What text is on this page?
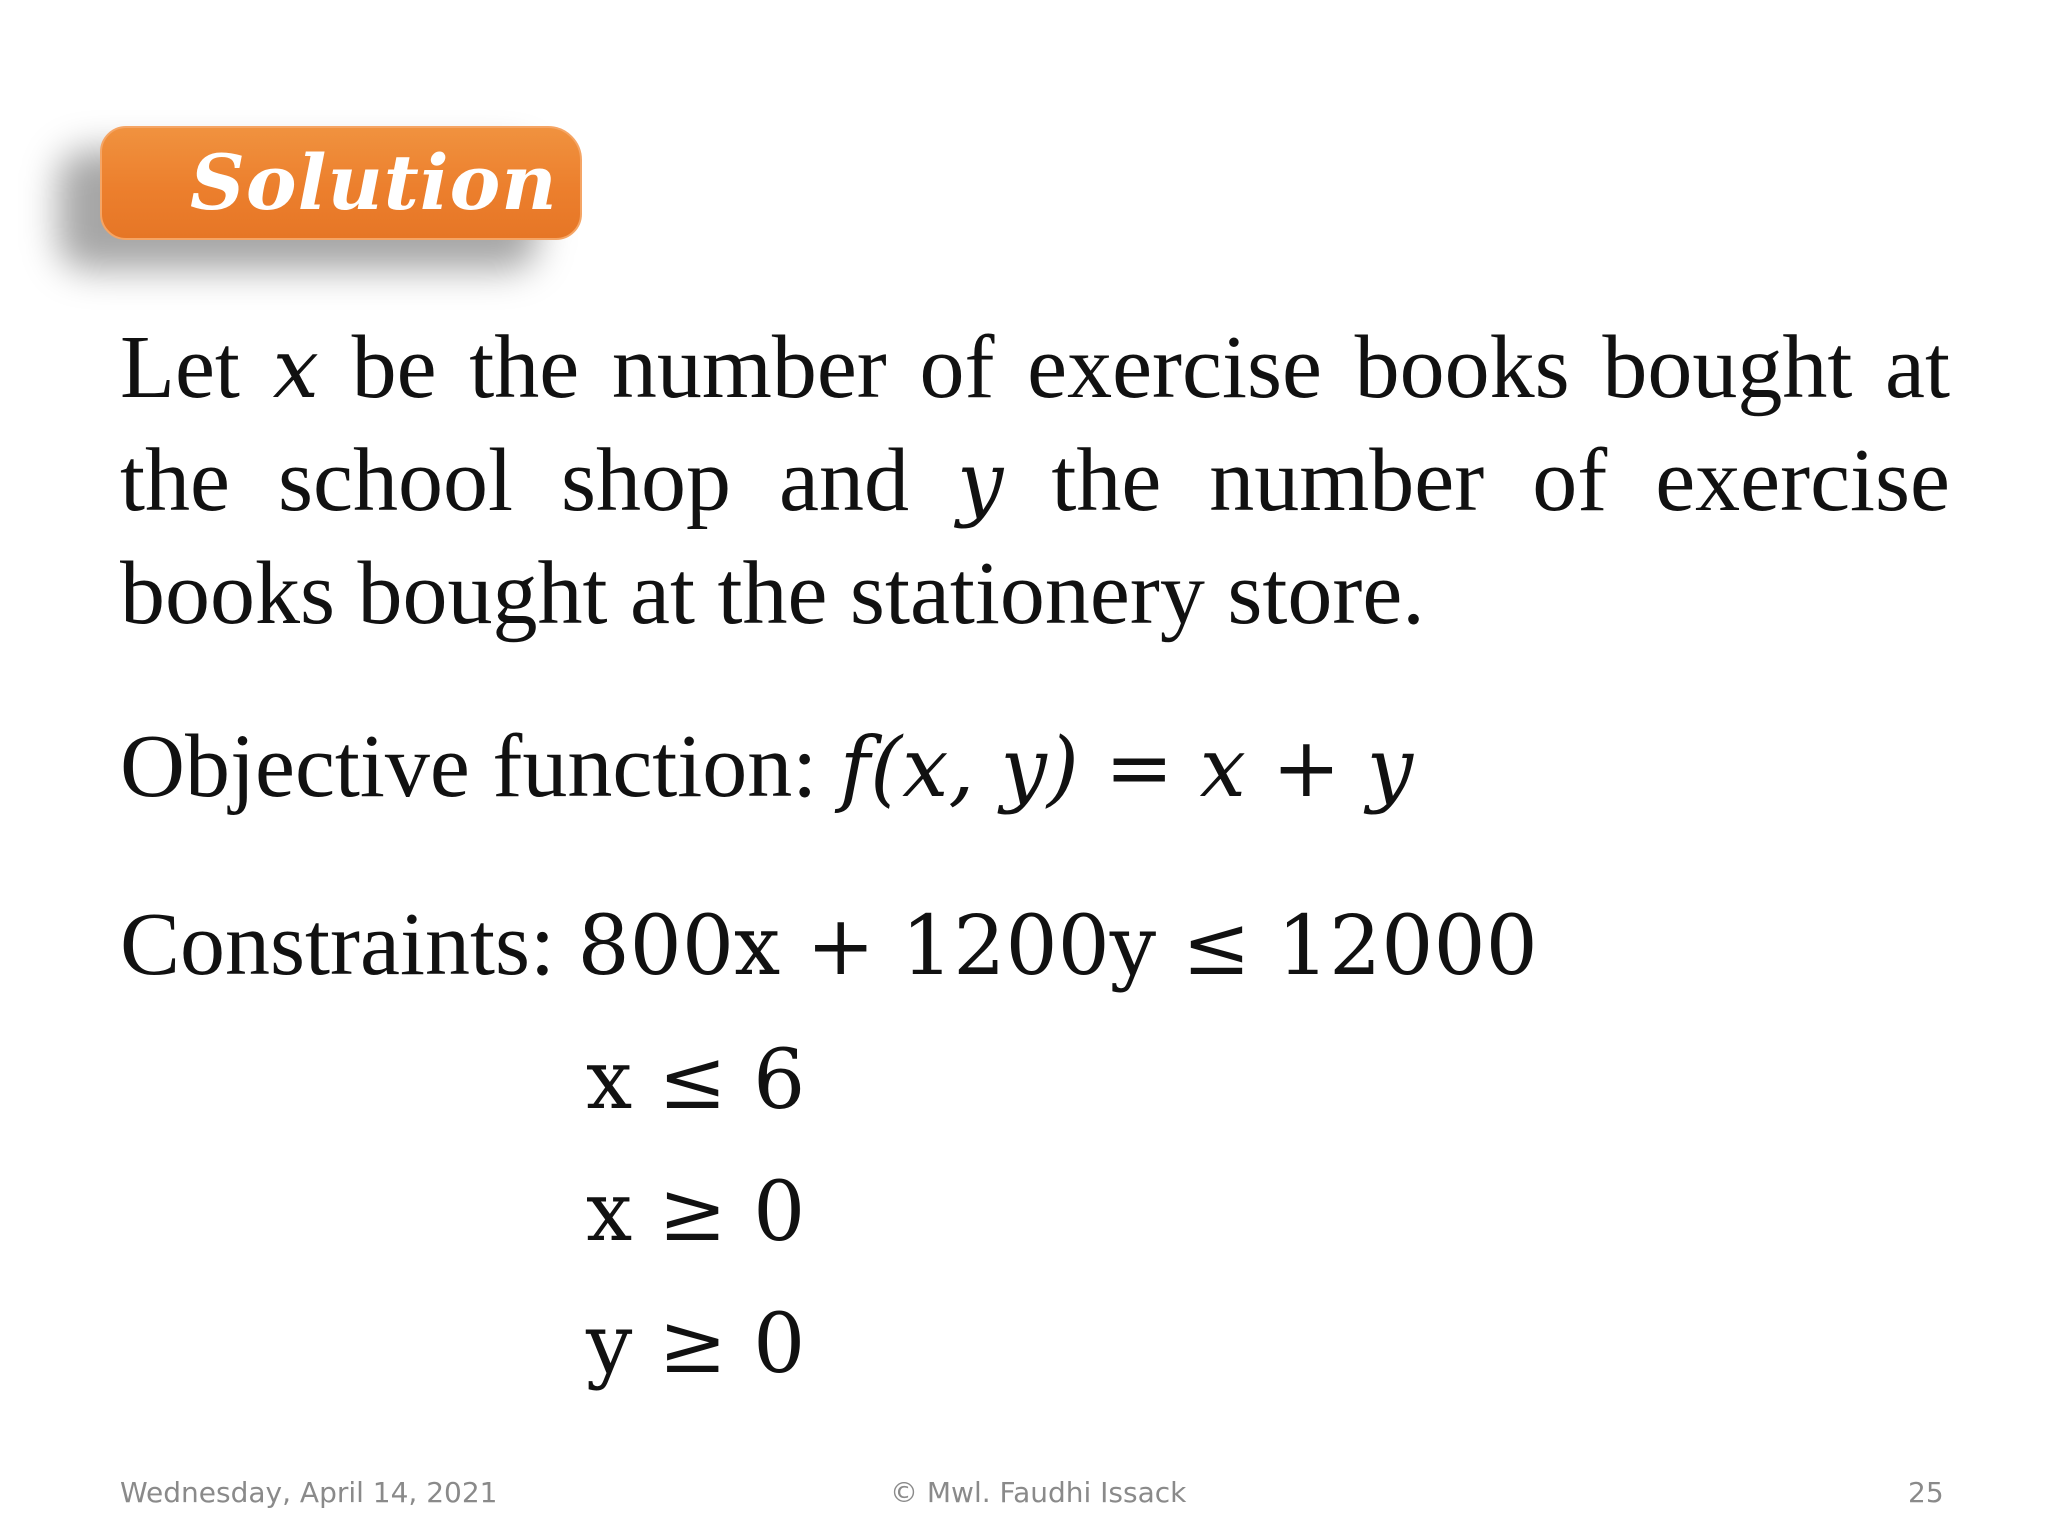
Solution
Let x be the number of exercise books bought at the school shop and y the number of exercise books bought at the stationery store.
Objective function: f(x, y) = x + y
Constraints: 800x + 1200y ≤ 12000
x ≤ 6
x ≥ 0
y ≥ 0
Wednesday, April 14, 2021	© Mwl. Faudhi Issack	25
